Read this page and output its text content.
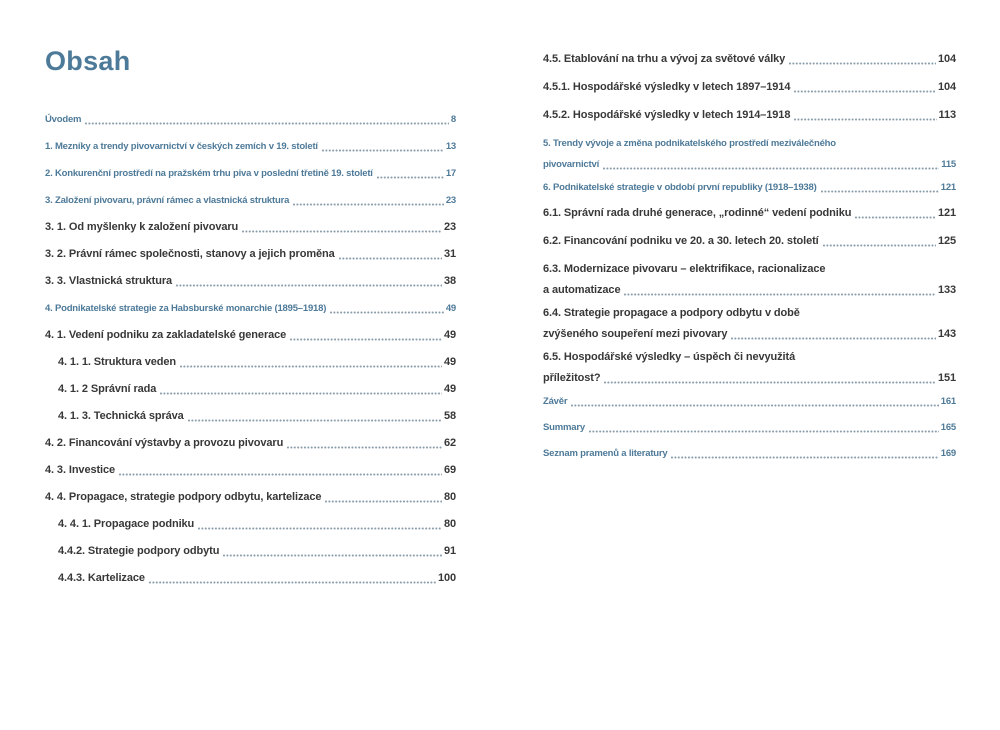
Obsah
Úvodem	8
1. Mezníky a trendy pivovarnictví v českých zemích v 19. století	13
2. Konkurenční prostředí na pražském trhu piva v poslední třetině 19. století	17
3. Založení pivovaru, právní rámec a vlastnická struktura	23
3. 1. Od myšlenky k založení pivovaru	23
3. 2. Právní rámec společnosti, stanovy a jejich proměna	31
3. 3. Vlastnická struktura	38
4. Podnikatelské strategie za Habsburské monarchie (1895–1918)	49
4. 1. Vedení podniku za zakladatelské generace	49
4. 1. 1. Struktura veden	49
4. 1. 2 Správní rada	49
4. 1. 3. Technická správa	58
4. 2. Financování výstavby a provozu pivovaru	62
4. 3. Investice	69
4. 4. Propagace, strategie podpory odbytu, kartelizace	80
4. 4. 1. Propagace podniku	80
4.4.2. Strategie podpory odbytu	91
4.4.3. Kartelizace	100
4.5. Etablování na trhu a vývoj za světové války	104
4.5.1. Hospodářské výsledky v letech 1897–1914	104
4.5.2. Hospodářské výsledky v letech 1914–1918	113
5. Trendy vývoje a změna podnikatelského prostředí meziválečného
pivovarnictví	115
6. Podnikatelské strategie v období první republiky (1918–1938)	121
6.1. Správní rada druhé generace, „rodinné“ vedení podniku	121
6.2. Financování podniku ve 20. a 30. letech 20. století	125
6.3. Modernizace pivovaru – elektrifikace, racionalizace
a automatizace	133
6.4. Strategie propagace a podpory odbytu v době
zvýšeného soupeření mezi pivovary	143
6.5. Hospodářské výsledky – úspěch či nevyužitá
příležitost?	151
Závěr	161
Summary	165
Seznam pramenů a literatury	169
